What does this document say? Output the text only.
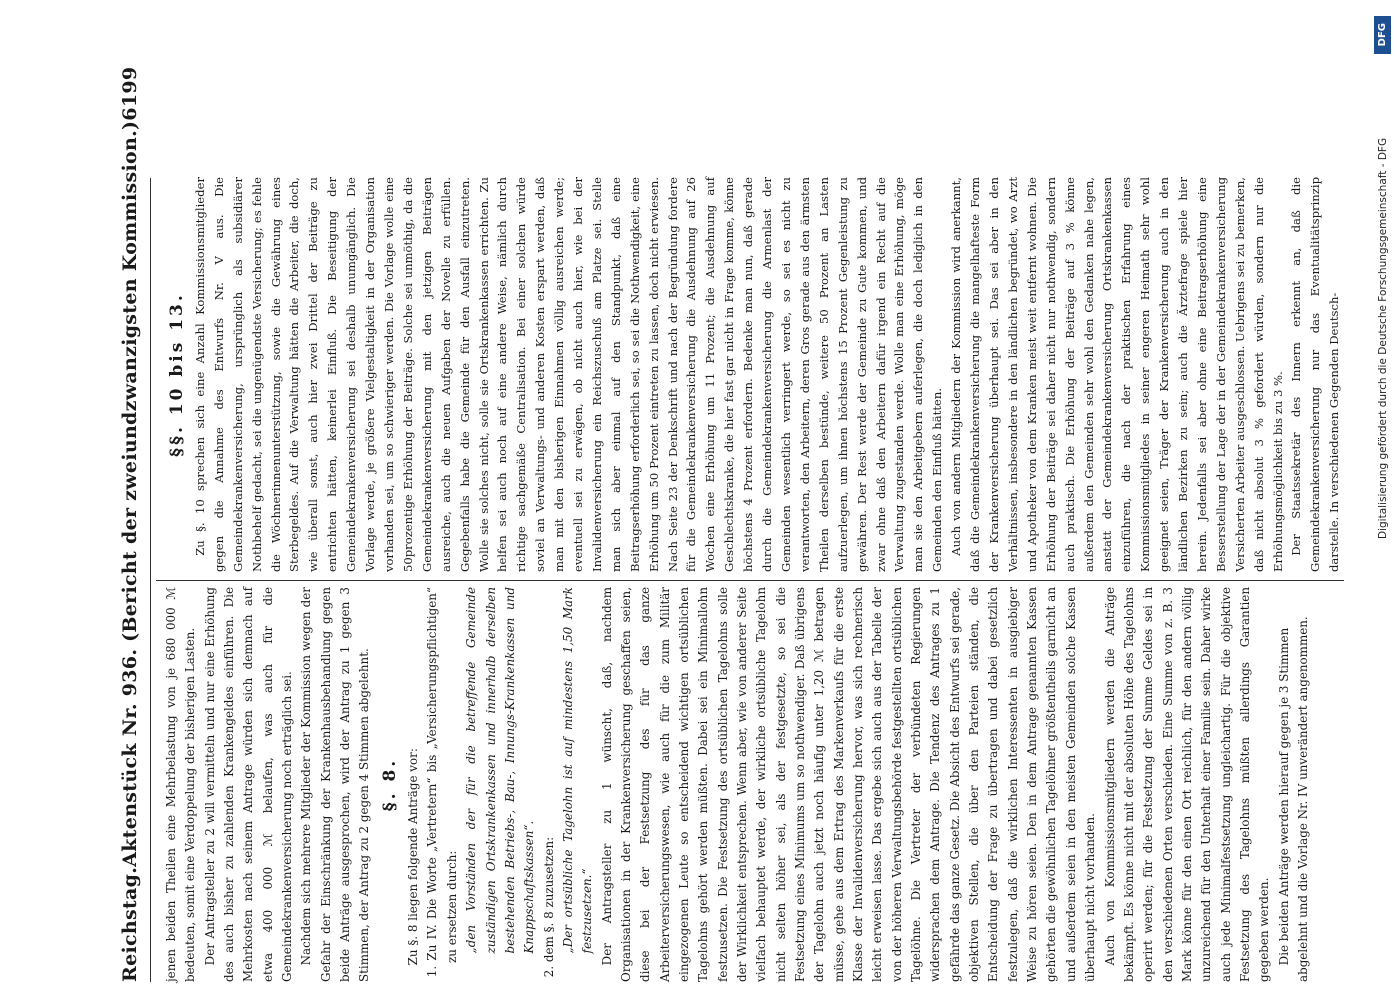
Reichstag.
Aktenstück Nr. 936. (Bericht der zweiundzwanzigsten Kommission.)
6199

jenen beiden Theilen eine Mehrbelastung von je 680 000 ℳ bedeuten, somit eine Verdoppelung der bisherigen Lasten. Der Antragsteller zu 2 will vermitteln und nur eine Erhöhung des auch bisher zu zahlenden Krankengeldes einführen. Die Mehrkosten nach seinem Antrage würden sich demnach auf etwa 400 000 ℳ belaufen, was auch für die Gemeindekrankenversicherung noch erträglich sei. Nachdem sich mehrere Mitglieder der Kommission wegen der Gefahr der Einschränkung der Krankenhausbehandlung gegen beide Anträge ausgesprochen, wird der Antrag zu 1 gegen 3 Stimmen, der Antrag zu 2 gegen 4 Stimmen abgelehnt. §. 8. Zu §. 8 liegen folgende Anträge vor: 1. Zu IV. Die Worte „Vertretern“ bis „Versicherungspflichtigen“ zu ersetzen durch: „den Vorständen der für die betreffende Gemeinde zuständigen Ortskrankenkassen und innerhalb derselben bestehenden Betriebs-, Bau-, Innungs-Krankenkassen und Knappschaftskassen“. 2. dem §. 8 zuzusetzen: „Der ortsübliche Tagelohn ist auf mindestens 1,50 Mark festzusetzen.“ Der Antragsteller zu 1 wünscht, daß, nachdem Organisationen in der Krankenversicherung geschaffen seien, diese bei der Festsetzung des für das ganze Arbeiterversicherungswesen, wie auch für die zum Militär eingezogenen Leute so entscheidend wichtigen ortsüblichen Tagelohns gehört werden müßten. Dabei sei ein Minimallohn festzusetzen. Die Festsetzung des ortsüblichen Tagelohns solle der Wirklichkeit entsprechen. Wenn aber, wie von anderer Seite vielfach behauptet werde, der wirkliche ortsübliche Tagelohn nicht selten höher sei, als der festgesetzte, so sei die Festsetzung eines Minimums um so nothwendiger. Daß übrigens der Tagelohn auch jetzt noch häufig unter 1,20 ℳ betragen müsse, gehe aus dem Ertrag des Markenverkaufs für die erste Klasse der Invalidenversicherung hervor, was sich rechnerisch leicht erweisen lasse. Das ergebe sich auch aus der Tabelle der von der höheren Verwaltungsbehörde festgestellten ortsüblichen Tagelöhne. Die Vertreter der verbündeten Regierungen widersprachen dem Antrage. Die Tendenz des Antrages zu 1 gefährde das ganze Gesetz. Die Absicht des Entwurfs sei gerade, objektiven Stellen, die über den Parteien ständen, die Entscheidung der Frage zu übertragen und dabei gesetzlich festzulegen, daß die wirklichen Interessenten in ausgiebiger Weise zu hören seien. Den in dem Antrage genannten Kassen gehörten die gewöhnlichen Tagelöhner größtentheils garnicht an und außerdem seien in den meisten Gemeinden solche Kassen überhaupt nicht vorhanden. Auch von Kommissionsmitgliedern werden die Anträge bekämpft. Es könne nicht mit der absoluten Höhe des Tagelohns operirt werden; für die Festsetzung der Summe Geldes sei in den verschiedenen Orten verschieden. Eine Summe von z. B. 3 Mark könne für den einen Ort reichlich, für den andern völlig unzureichend für den Unterhalt einer Familie sein. Daher wirke auch jede Minimalfestsetzung ungleichartig. Für die objektive Festsetzung des Tagelohns müßten allerdings Garantien gegeben werden. Die beiden Anträge werden hierauf gegen je 3 Stimmen abgelehnt und die Vorlage Nr. IV unverändert angenommen.

§§. 10 bis 13. Zu §. 10 sprechen sich eine Anzahl Kommissionsmitglieder gegen die Annahme des Entwurfs Nr. V aus. Die Gemeindekrankenversicherung, ursprünglich als subsidiärer Nothbehelf gedacht, sei die ungenügendste Versicherung; es fehle die Wöchnerinnenunterstützung, sowie die Gewährung eines Sterbegeldes. Auf die Verwaltung hätten die Arbeiter, die doch, wie überall sonst, auch hier zwei Drittel der Beiträge zu entrichten hätten, keinerlei Einfluß. Die Beseitigung der Gemeindekrankenversicherung sei deshalb unumgänglich. Die Vorlage werde, je größere Vielgestaltigkeit in der Organisation vorhanden sei, um so schwieriger werden. Die Vorlage wolle eine 50prozentige Erhöhung der Beiträge. Solche sei unmöthig, da die Gemeindekrankenversicherung mit den jetzigen Beiträgen ausreiche, auch die neuen Aufgaben der Novelle zu erfüllen. Gegebenfalls habe die Gemeinde für den Ausfall einzutreten. Wolle sie solches nicht, solle sie Ortskrankenkassen errichten. Zu helfen sei auch noch auf eine andere Weise, nämlich durch richtige sachgemäße Centralisation. Bei einer solchen würde soviel an Verwaltungs- und anderen Kosten erspart werden, daß man mit den bisherigen Einnahmen völlig ausreichen werde; eventuell sei zu erwägen, ob nicht auch hier, wie bei der Invalidenversicherung ein Reichszuschuß am Platze sei. Stelle man sich aber einmal auf den Standpunkt, daß eine Beitragserhöhung erforderlich sei, so sei die Nothwendigkeit, eine Erhöhung um 50 Prozent eintreten zu lassen, doch nicht erwiesen. Nach Seite 23 der Denkschrift und nach der Begründung fordere für die Gemeindekrankenversicherung die Ausdehnung auf 26 Wochen eine Erhöhung um 11 Prozent; die Ausdehnung auf Geschlechtskranke, die hier fast gar nicht in Frage komme, könne höchstens 4 Prozent erfordern. Bedenke man nun, daß gerade durch die Gemeindekrankenversicherung die Armenlast der Gemeinden wesentlich verringert werde, so sei es nicht zu verantworten, den Arbeitern, deren Gros gerade aus den ärmsten Theilen derselben bestünde, weitere 50 Prozent an Lasten aufzuerlegen, um ihnen höchstens 15 Prozent Gegenleistung zu gewähren. Der Rest werde der Gemeinde zu Gute kommen, und zwar ohne daß den Arbeitern dafür irgend ein Recht auf die Verwaltung zugestanden werde. Wolle man eine Erhöhung, möge man sie den Arbeitgebern auferlegen, die doch lediglich in den Gemeinden den Einfluß hätten. Auch von andern Mitgliedern der Kommission wird anerkannt, daß die Gemeindekrankenversicherung die mangelhafteste Form der Krankenversicherung überhaupt sei. Das sei aber in den Verhältnissen, insbesondere in den ländlichen begründet, wo Arzt und Apotheker von dem Kranken meist weit entfernt wohnen. Die Erhöhung der Beiträge sei daher nicht nur nothwendig, sondern auch praktisch. Die Erhöhung der Beiträge auf 3 % könne außerdem den Gemeinden sehr wohl den Gedanken nahe legen, anstatt der Gemeindekrankenversicherung Ortskrankenkassen einzuführen, die nach der praktischen Erfahrung eines Kommissionsmitgliedes in seiner engeren Heimath sehr wohl geeignet seien, Träger der Krankenversicherung auch in den ländlichen Bezirken zu sein; auch die Ärztefrage spiele hier herein. Jedenfalls sei aber ohne eine Beitragserhöhung eine Besserstellung der Lage der in der Gemeindekrankenversicherung Versicherten Arbeiter ausgeschlossen. Uebrigens sei zu bemerken, daß nicht absolut 3 % gefordert würden, sondern nur die Erhöhungsmöglichkeit bis zu 3 %. Der Staatssekretär des Innern erkennt an, daß die Gemeindekrankenversicherung nur das Eventualitätsprinzip darstelle. In verschiedenen Gegenden Deutsch-	Digitalisierung gefördert durch die Deutsche Forschungsgemeinschaft - DFG
DFG
